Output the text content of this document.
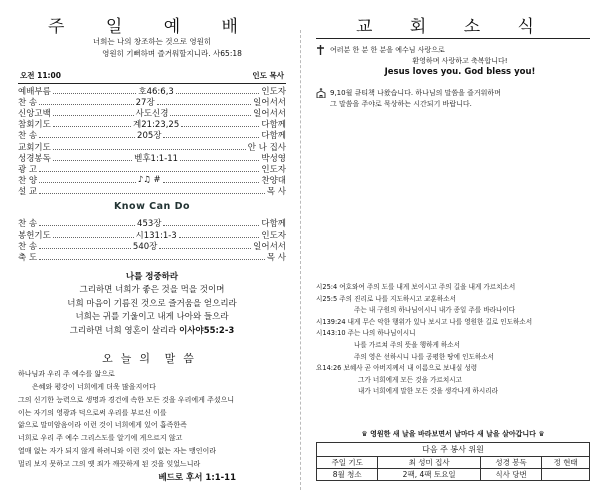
주 일 예 배
너희는 나의 창조하는 것으로 영원히
영원히 기뻐하며 즐거워할지니라. 사65:18
오전 11:00	인도 목사
예배부름	호46:6,3	인도자
찬 송	27장	일어서서
신앙고백	사도신경	일어서서
참회기도	계21:23,25	다함께
찬 송	205장	다함께
교회기도	안 나 집사
성경봉독	벧후1:1-11	박성영
광 고	인도자
찬 양	♪♫ #	찬양대
설 교	목 사
Know Can Do
찬 송	453장	다함께
봉헌기도	시131:1-3	인도자
찬 송	540장	일어서서
축 도	목 사
나를 정중하라
그리하면 너희가 좋은 것을 먹을 것이며
너희 마음이 기름진 것으로 즐거움을 얻으리라
너희는 귀를 기울이고 내게 나아와 들으라
그리하면 너희 영혼이 살리라 이사야55:2-3
오늘의 말씀
하나님과 우리 주 예수를 앎으로
은혜와 평강이 너희에게 더욱 많을지어다
그의 신기한 능력으로 생명과 경건에 속한 모든 것을 우리에게 주셨으니
이는 자기의 영광과 덕으로써 우리를 부르신 이를
앎으로 말미암음이라 이런 것이 너희에게 있어 흡족한즉
너희로 우리 주 예수 그리스도를 알기에 게으르지 않고
열매 없는 자가 되지 않게 하려니와 이런 것이 없는 자는 맹인이라
멀리 보지 못하고 그의 옛 죄가 깨끗하게 된 것을 잊었느니라
베드로 후서 1:1-11
교 회 소 식
여러분 한 분 한 분을 예수님 사랑으로
환영하며 사랑하고 축복합니다!
Jesus loves you. God bless you!
9,10월 큐티책 나왔습니다. 하나님의 말씀을 즐거워하며
그 말씀을 주야로 묵상하는 시간되기 바랍니다.
시25:4 여호와여 주의 도를 내게 보이시고 주의 길을 내게 가르치소서
시25:5 주의 진리로 나를 지도하시고 교훈하소서
주는 내 구원의 하나님이시니 내가 종일 주를 바라나이다
시139:24 내게 무슨 악한 행위가 있나 보시고 나를 영원한 길로 인도하소서
시143:10 주는 나의 하나님이시니
나를 가르쳐 주의 뜻을 행하게 하소서
주의 영은 선하시니 나를 공평한 땅에 인도하소서
요14:26 보혜사 곧 아버지께서 내 이름으로 보내실 성령
그가 너희에게 모든 것을 가르치시고
내가 너희에게 말한 모든 것을 생각나게 하시리라
♛ 영원한 새 날을 바라보면서 날마다 새 날을 살아갑니다 ♛
다음 주 봉사 위원			
주일 기도	최 성미 집사	성경 봉독	정 현태
8월 청소	2팩, 4팩 토요일	식사 당번	
